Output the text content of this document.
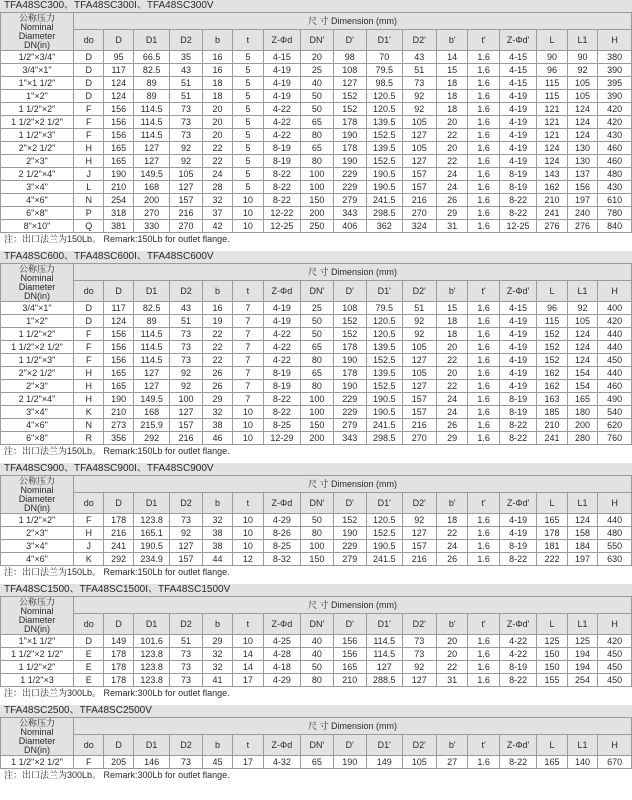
TFA48SC300、TFA48SC300I、TFA48SC300V
公称压力
Nominal
Diameter
DN(in)	尺 寸 Dimension (mm)																
	do	D	D1	D2	b	t	Z-Φd	DN'	D'	D1'	D2'	b'	t'	Z-Φd'	L	L1	H
1/2"×3/4"	D	95	66.5	35	16	5	4-15	20	98	70	43	14	1.6	4-15	90	90	380
3/4"×1"	D	117	82.5	43	16	5	4-19	25	108	79.5	51	15	1.6	4-15	96	92	390
1"×1 1/2"	D	124	89	51	18	5	4-19	40	127	98.5	73	18	1.6	4-15	115	105	395
1"×2"	D	124	89	51	18	5	4-19	50	152	120.5	92	18	1.6	4-19	115	105	390
1 1/2"×2"	F	156	114.5	73	20	5	4-22	50	152	120.5	92	18	1.6	4-19	121	124	420
1 1/2"×2 1/2"	F	156	114.5	73	20	5	4-22	65	178	139.5	105	20	1.6	4-19	121	124	420
1 1/2"×3"	F	156	114.5	73	20	5	4-22	80	190	152.5	127	22	1.6	4-19	121	124	430
2"×2 1/2"	H	165	127	92	22	5	8-19	65	178	139.5	105	20	1.6	4-19	124	130	460
2"×3"	H	165	127	92	22	5	8-19	80	190	152.5	127	22	1.6	4-19	124	130	460
2 1/2"×4"	J	190	149.5	105	24	5	8-22	100	229	190.5	157	24	1.6	8-19	143	137	480
3"×4"	L	210	168	127	28	5	8-22	100	229	190.5	157	24	1.6	8-19	162	156	430
4"×6"	N	254	200	157	32	10	8-22	150	279	241.5	216	26	1.6	8-22	210	197	610
6"×8"	P	318	270	216	37	10	12-22	200	343	298.5	270	29	1.6	8-22	241	240	780
8"×10"	Q	381	330	270	42	10	12-25	250	406	362	324	31	1.6	12-25	276	276	840
注：出口法兰为150Lb。 Remark:150Lb for outlet flange.
TFA48SC600、TFA48SC600I、TFA48SC600V
公称压力
Nominal
Diameter
DN(in)	尺 寸 Dimension (mm)																
	do	D	D1	D2	b	t	Z-Φd	DN'	D'	D1'	D2'	b'	t'	Z-Φd'	L	L1	H
3/4"×1"	D	117	82.5	43	16	7	4-19	25	108	79.5	51	15	1.6	4-15	96	92	400
1"×2"	D	124	89	51	19	7	4-19	50	152	120.5	92	18	1.6	4-19	115	105	420
1 1/2"×2"	F	156	114.5	73	22	7	4-22	50	152	120.5	92	18	1.6	4-19	152	124	440
1 1/2"×2 1/2"	F	156	114.5	73	22	7	4-22	65	178	139.5	105	20	1.6	4-19	152	124	440
1 1/2"×3"	F	156	114.5	73	22	7	4-22	80	190	152.5	127	22	1.6	4-19	152	124	450
2"×2 1/2"	H	165	127	92	26	7	8-19	65	178	139.5	105	20	1.6	4-19	162	154	440
2"×3"	H	165	127	92	26	7	8-19	80	190	152.5	127	22	1.6	4-19	162	154	460
2 1/2"×4"	H	190	149.5	100	29	7	8-22	100	229	190.5	157	24	1.6	8-19	163	165	490
3"×4"	K	210	168	127	32	10	8-22	100	229	190.5	157	24	1.6	8-19	185	180	540
4"×6"	N	273	215.9	157	38	10	8-25	150	279	241.5	216	26	1.6	8-22	210	200	620
6"×8"	R	356	292	216	46	10	12-29	200	343	298.5	270	29	1.6	8-22	241	280	760
注：出口法兰为150Lb。 Remark:150Lb for outlet flange.
TFA48SC900、TFA48SC900I、TFA48SC900V
公称压力
Nominal
Diameter
DN(in)	尺 寸 Dimension (mm)																
	do	D	D1	D2	b	t	Z-Φd	DN'	D'	D1'	D2'	b'	t'	Z-Φd'	L	L1	H
1 1/2"×2"	F	178	123.8	73	32	10	4-29	50	152	120.5	92	18	1.6	4-19	165	124	440
2"×3"	H	216	165.1	92	38	10	8-26	80	190	152.5	127	22	1.6	4-19	178	158	480
3"×4"	J	241	190.5	127	38	10	8-25	100	229	190.5	157	24	1.6	8-19	181	184	550
4"×6"	K	292	234.9	157	44	12	8-32	150	279	241.5	216	26	1.6	8-22	222	197	630
注：出口法兰为150Lb。 Remark:150Lb for outlet flange.
TFA48SC1500、TFA48SC1500I、TFA48SC1500V
公称压力
Nominal
Diameter
DN(in)	尺 寸 Dimension (mm)																
	do	D	D1	D2	b	t	Z-Φd	DN'	D'	D1'	D2'	b'	t'	Z-Φd'	L	L1	H
1"×1 1/2"	D	149	101.6	51	29	10	4-25	40	156	114.5	73	20	1.6	4-22	125	125	420
1 1/2"×2 1/2"	E	178	123.8	73	32	14	4-28	40	156	114.5	73	20	1.6	4-22	150	194	450
1 1/2"×2"	E	178	123.8	73	32	14	4-18	50	165	127	92	22	1.6	8-19	150	194	450
1 1/2"×3	E	178	123.8	73	41	17	4-29	80	210	288.5	127	31	1.6	8-22	155	254	450
注：出口法兰为300Lb。 Remark:300Lb for outlet flange.
TFA48SC2500、TFA48SC2500V
公称压力
Nominal
Diameter
DN(in)	尺 寸 Dimension (mm)																
	do	D	D1	D2	b	t	Z-Φd	DN'	D'	D1'	D2'	b'	t'	Z-Φd'	L	L1	H
1 1/2"×2 1/2"	F	205	146	73	45	17	4-32	65	190	149	105	27	1.6	8-22	165	140	670
注：出口法兰为300Lb。 Remark:300Lb for outlet flange.
